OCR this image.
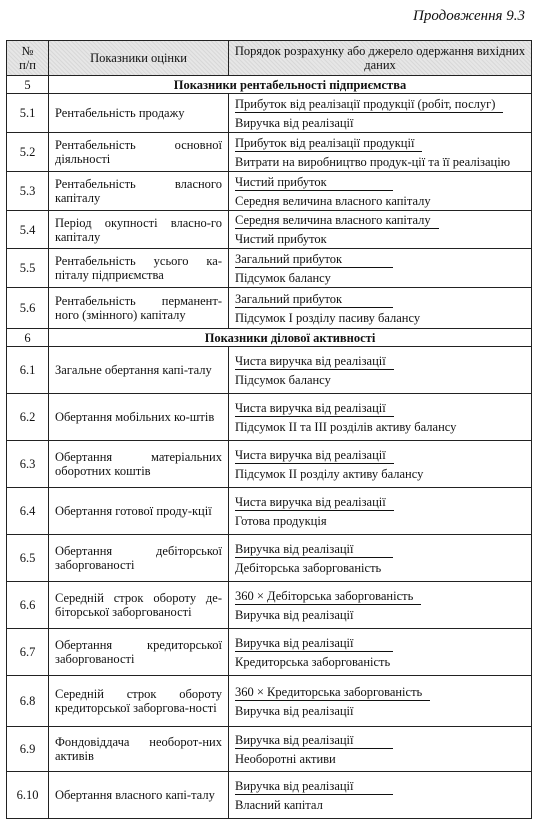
Продовження 9.3
№
п/п	Показники оцінки	Порядок розрахунку або джерело одержання вихідних даних
5	Показники рентабельності підприємства	
5.1	Рентабельність продажу	Прибуток від реалізації продукції (робіт, послуг)
Виручка від реалізації

5.2	Рентабельність основної діяльності	Прибуток від реалізації продукції
Витрати на виробництво продук-ції та її реалізацію

5.3	Рентабельність власного капіталу	Чистий прибуток
Середня величина власного капіталу

5.4	Період окупності власно-го капіталу	Середня величина власного капіталу
Чистий прибуток

5.5	Рентабельність усього ка-піталу підприємства	Загальний прибуток
Підсумок балансу

5.6	Рентабельність перманент-ного (змінного) капіталу	Загальний прибуток
Підсумок І розділу пасиву балансу

6	Показники ділової активності	
6.1	Загальне обертання капі-талу	Чиста виручка від реалізації
Підсумок балансу

6.2	Обертання мобільних ко-штів	Чиста виручка від реалізації
Підсумок ІІ та ІІІ розділів активу балансу

6.3	Обертання матеріальних оборотних коштів	Чиста виручка від реалізації
Підсумок ІІ розділу активу балансу

6.4	Обертання готової проду-кції	Чиста виручка від реалізації
Готова продукція

6.5	Обертання дебіторської заборгованості	Виручка від реалізації
Дебіторська заборгованість

6.6	Середній строк обороту де-біторської заборгованості	360 × Дебіторська заборгованість
Виручка від реалізації

6.7	Обертання кредиторської заборгованості	Виручка від реалізації
Кредиторська заборгованість

6.8	Середній строк обороту кредиторської заборгова-ності	360 × Кредиторська заборгованість
Виручка від реалізації

6.9	Фондовіддача необорот-них активів	Виручка від реалізації
Необоротні активи

6.10	Обертання власного капі-талу	Виручка від реалізації
Власний капітал
